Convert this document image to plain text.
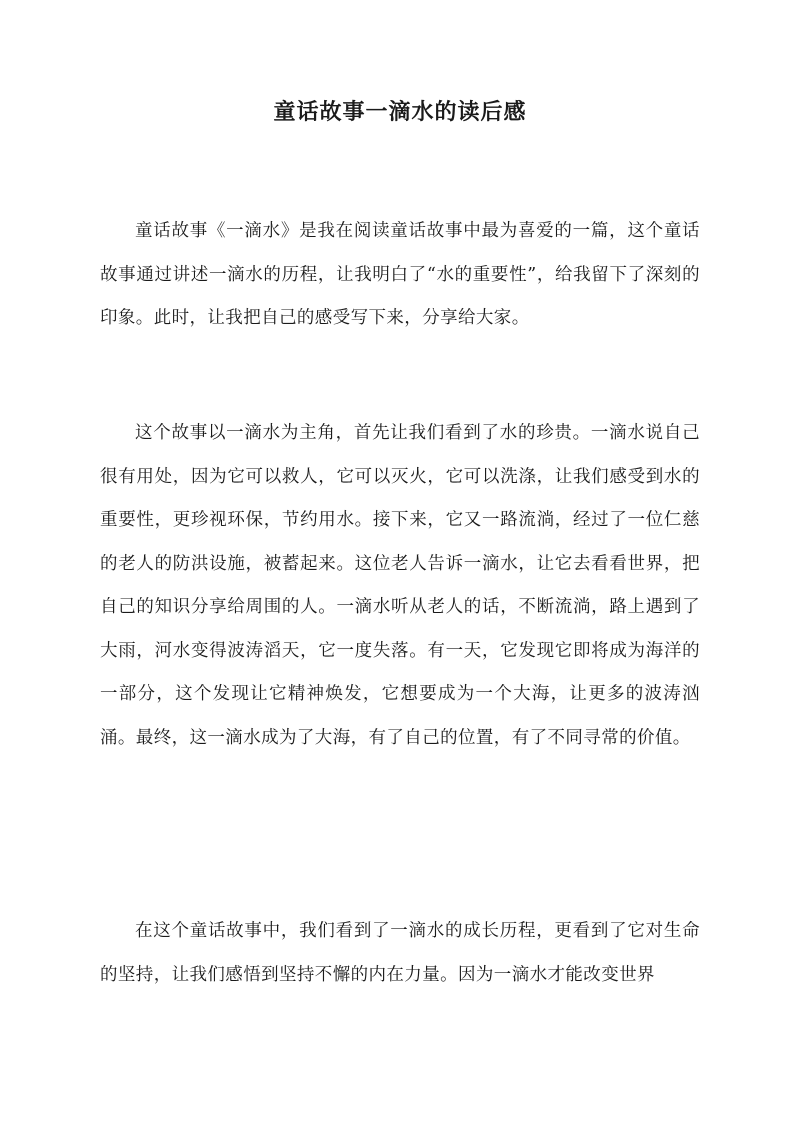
童话故事一滴水的读后感

童话故事《一滴水》是我在阅读童话故事中最为喜爱的一篇，这个童话故事通过讲述一滴水的历程，让我明白了“水的重要性”，给我留下了深刻的印象。此时，让我把自己的感受写下来，分享给大家。

这个故事以一滴水为主角，首先让我们看到了水的珍贵。一滴水说自己很有用处，因为它可以救人，它可以灭火，它可以洗涤，让我们感受到水的重要性，更珍视环保，节约用水。接下来，它又一路流淌，经过了一位仁慈的老人的防洪设施，被蓄起来。这位老人告诉一滴水，让它去看看世界，把自己的知识分享给周围的人。一滴水听从老人的话，不断流淌，路上遇到了大雨，河水变得波涛滔天，它一度失落。有一天，它发现它即将成为海洋的一部分，这个发现让它精神焕发，它想要成为一个大海，让更多的波涛汹涌。最终，这一滴水成为了大海，有了自己的位置，有了不同寻常的价值。

在这个童话故事中，我们看到了一滴水的成长历程，更看到了它对生命的坚持，让我们感悟到坚持不懈的内在力量。因为一滴水才能改变世界
